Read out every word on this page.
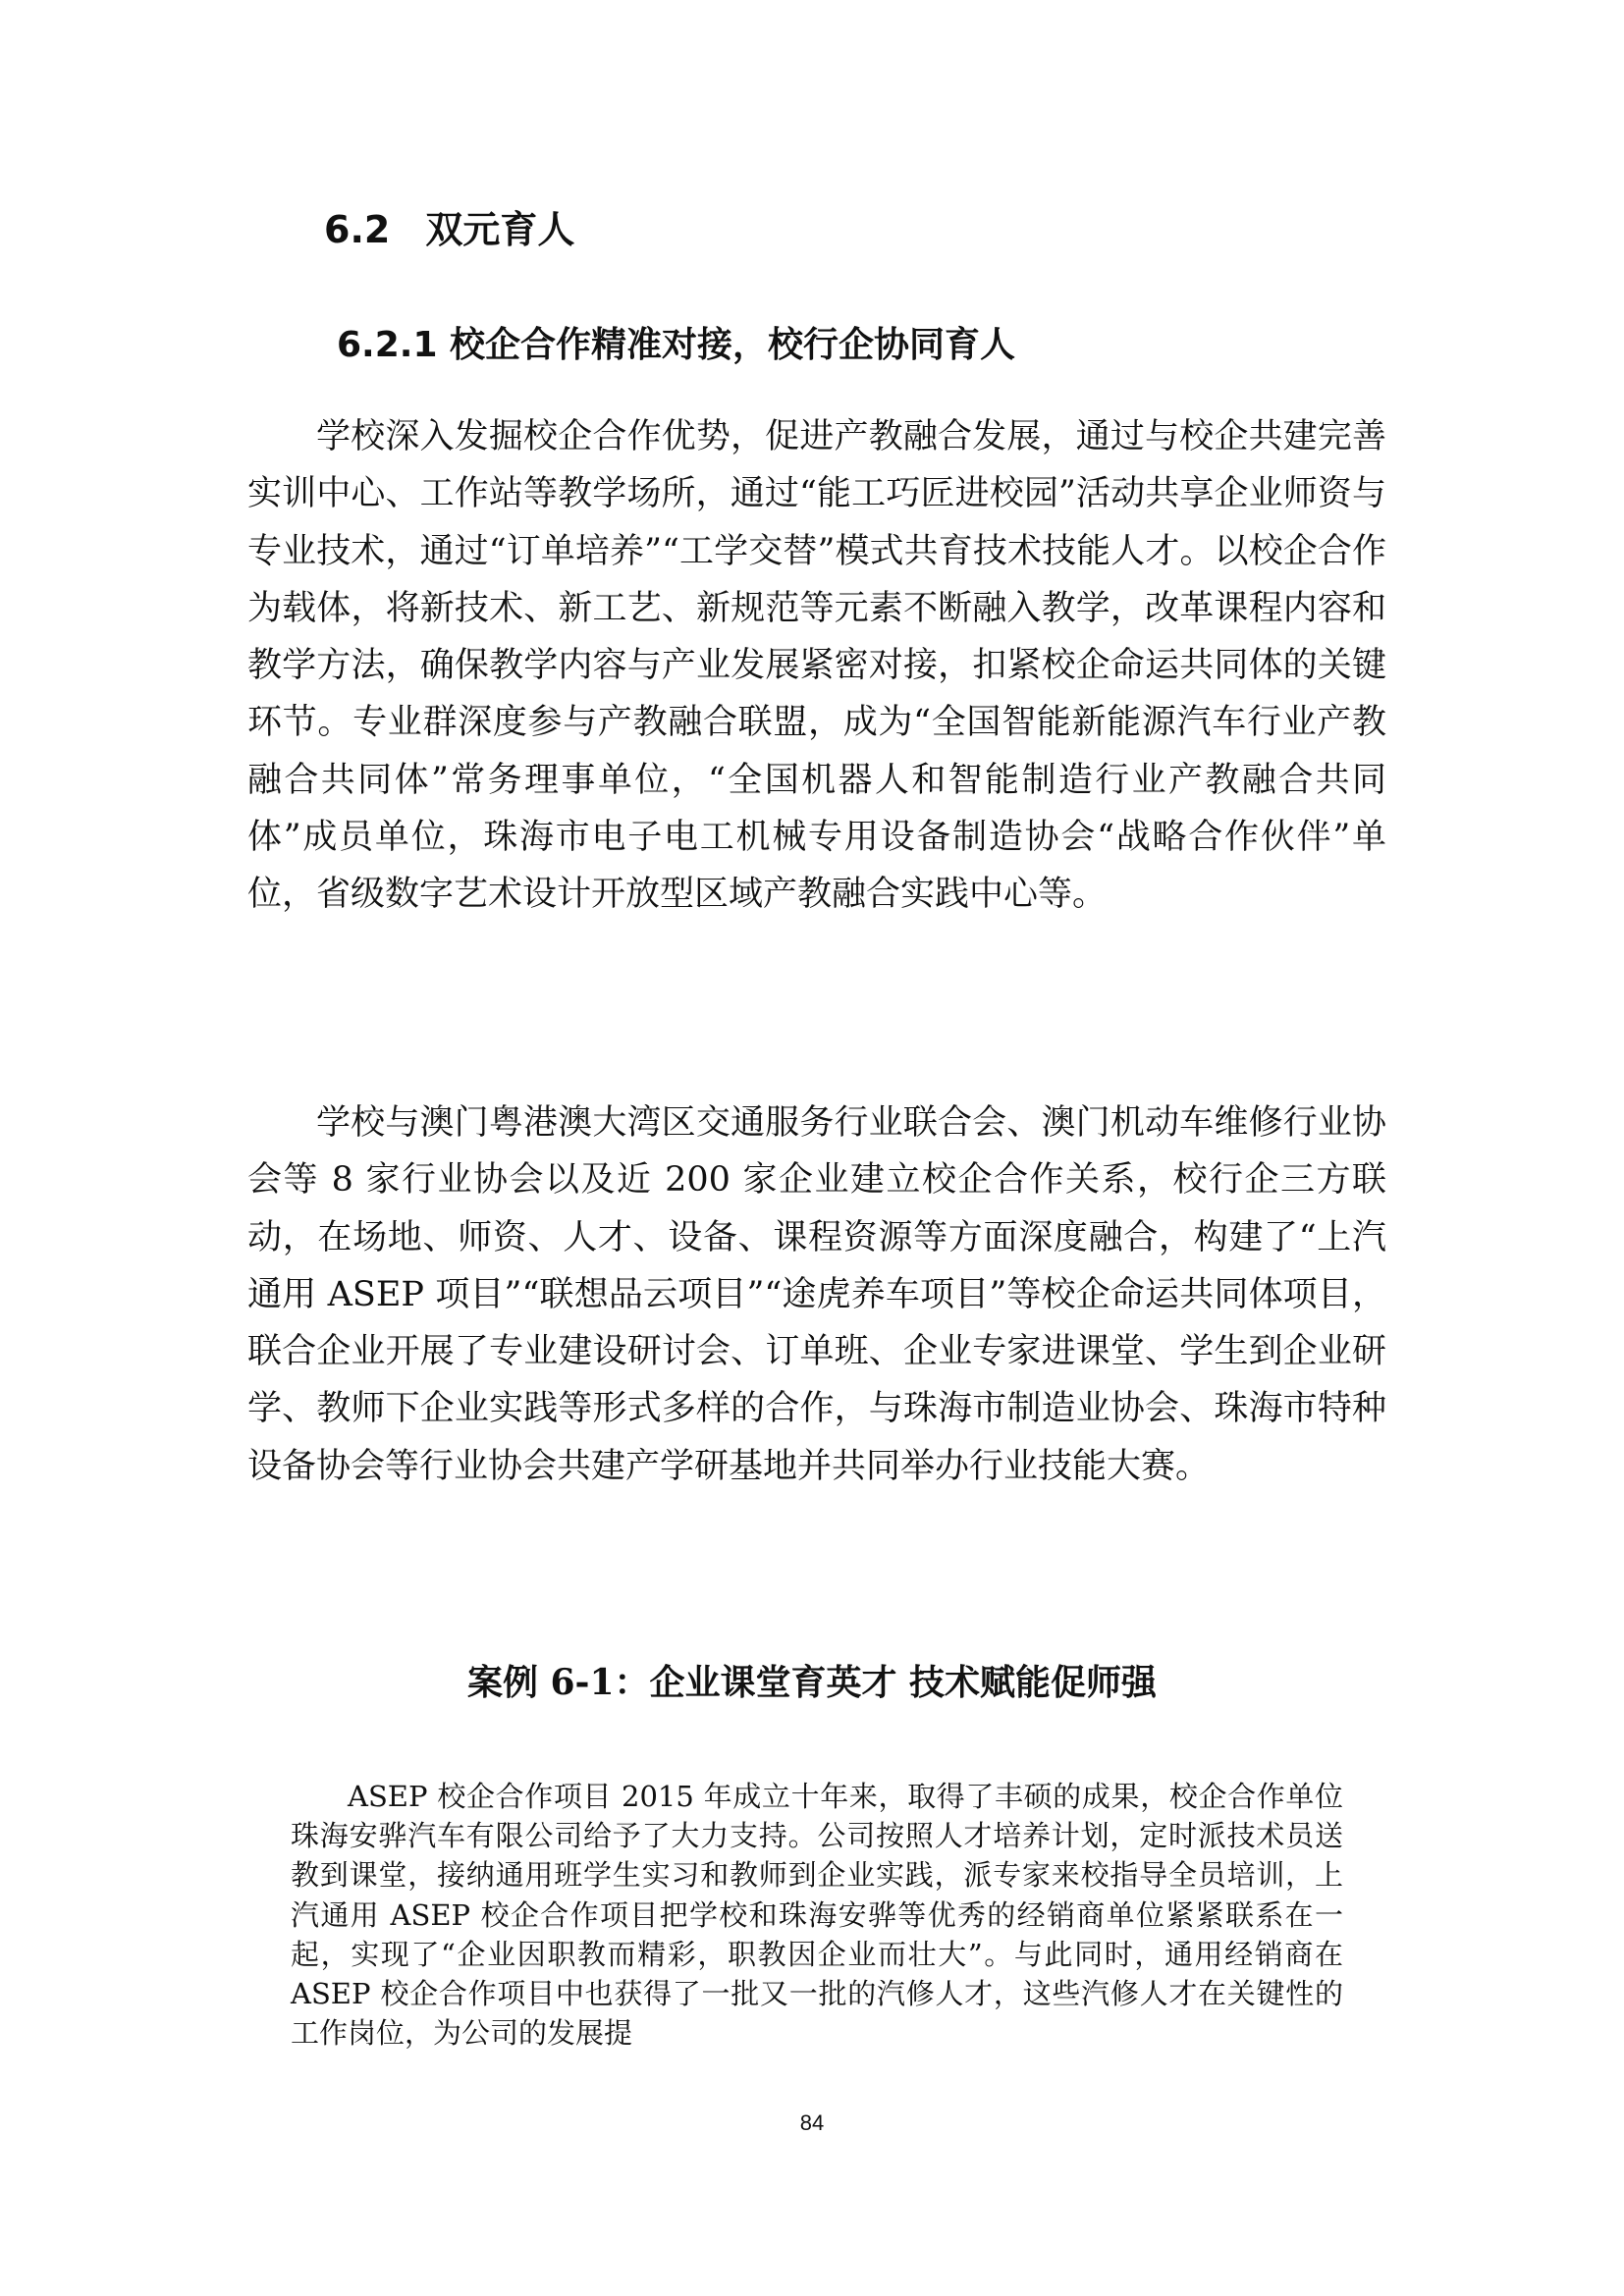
6.2 双元育人
6.2.1 校企合作精准对接，校行企协同育人

学校深入发掘校企合作优势，促进产教融合发展，通过与校企共建完善实训中心、工作站等教学场所，通过“能工巧匠进校园”活动共享企业师资与专业技术，通过“订单培养”“工学交替”模式共育技术技能人才。以校企合作为载体，将新技术、新工艺、新规范等元素不断融入教学，改革课程内容和教学方法，确保教学内容与产业发展紧密对接，扣紧校企命运共同体的关键环节。专业群深度参与产教融合联盟，成为“全国智能新能源汽车行业产教融合共同体”常务理事单位，“全国机器人和智能制造行业产教融合共同体”成员单位，珠海市电子电工机械专用设备制造协会“战略合作伙伴”单位，省级数字艺术设计开放型区域产教融合实践中心等。

学校与澳门粤港澳大湾区交通服务行业联合会、澳门机动车维修行业协会等 8 家行业协会以及近 200 家企业建立校企合作关系，校行企三方联动，在场地、师资、人才、设备、课程资源等方面深度融合，构建了“上汽通用 ASEP 项目”“联想品云项目”“途虎养车项目”等校企命运共同体项目，联合企业开展了专业建设研讨会、订单班、企业专家进课堂、学生到企业研学、教师下企业实践等形式多样的合作，与珠海市制造业协会、珠海市特种设备协会等行业协会共建产学研基地并共同举办行业技能大赛。

案例 6-1：企业课堂育英才 技术赋能促师强

ASEP 校企合作项目 2015 年成立十年来，取得了丰硕的成果，校企合作单位珠海安骅汽车有限公司给予了大力支持。公司按照人才培养计划，定时派技术员送教到课堂，接纳通用班学生实习和教师到企业实践，派专家来校指导全员培训，上汽通用 ASEP 校企合作项目把学校和珠海安骅等优秀的经销商单位紧紧联系在一起，实现了“企业因职教而精彩，职教因企业而壮大”。与此同时，通用经销商在 ASEP 校企合作项目中也获得了一批又一批的汽修人才，这些汽修人才在关键性的工作岗位，为公司的发展提

84
